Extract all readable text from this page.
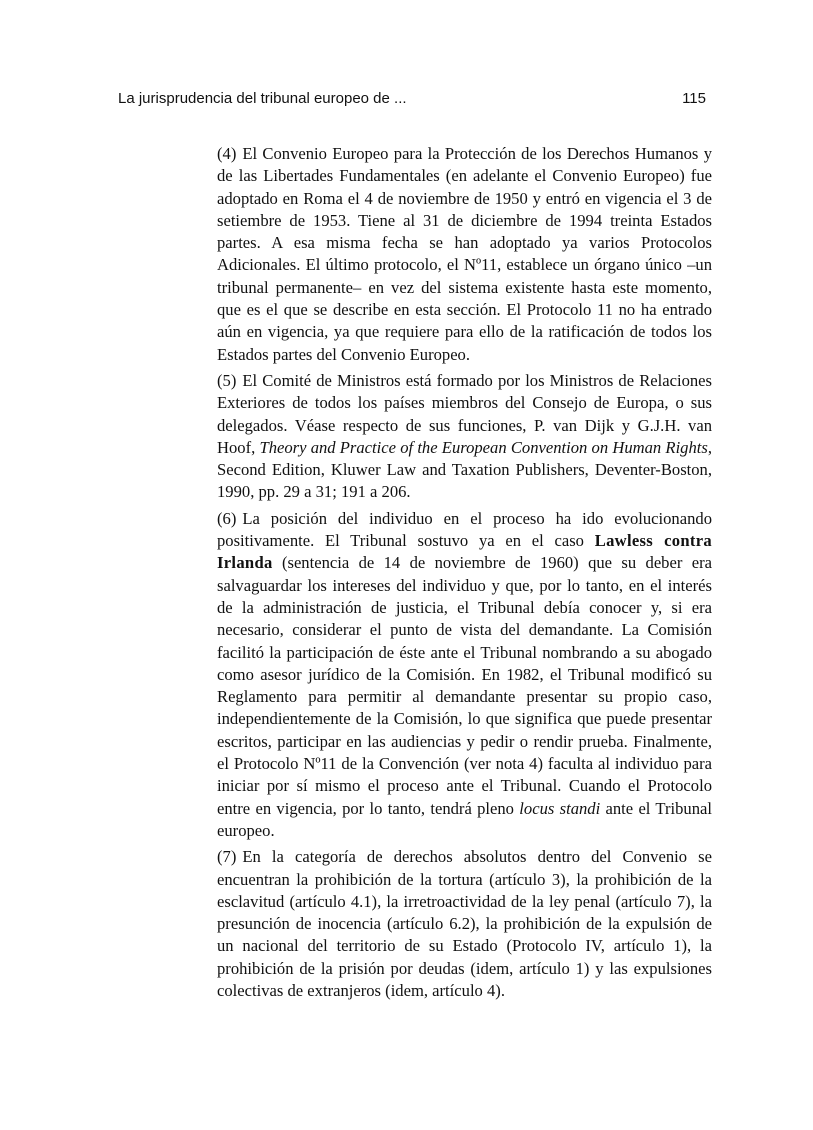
La jurisprudencia del tribunal europeo de ...	115

(4) El Convenio Europeo para la Protección de los Derechos Humanos y de las Libertades Fundamentales (en adelante el Convenio Europeo) fue adoptado en Roma el 4 de noviembre de 1950 y entró en vigencia el 3 de setiembre de 1953. Tiene al 31 de diciembre de 1994 treinta Estados partes. A esa misma fecha se han adoptado ya varios Protocolos Adicionales. El último protocolo, el Nº11, establece un órgano único –un tribunal permanente– en vez del sistema existente hasta este momento, que es el que se describe en esta sección. El Protocolo 11 no ha entrado aún en vigencia, ya que requiere para ello de la ratificación de todos los Estados partes del Convenio Europeo.

(5) El Comité de Ministros está formado por los Ministros de Relaciones Exteriores de todos los países miembros del Consejo de Europa, o sus delegados. Véase respecto de sus funciones, P. van Dijk y G.J.H. van Hoof, Theory and Practice of the European Convention on Human Rights, Second Edition, Kluwer Law and Taxation Publishers, Deventer-Boston, 1990, pp. 29 a 31; 191 a 206.

(6) La posición del individuo en el proceso ha ido evolucionando positivamente. El Tribunal sostuvo ya en el caso Lawless contra Irlanda (sentencia de 14 de noviembre de 1960) que su deber era salvaguardar los intereses del individuo y que, por lo tanto, en el interés de la administración de justicia, el Tribunal debía conocer y, si era necesario, considerar el punto de vista del demandante. La Comisión facilitó la participación de éste ante el Tribunal nombrando a su abogado como asesor jurídico de la Comisión. En 1982, el Tribunal modificó su Reglamento para permitir al demandante presentar su propio caso, independientemente de la Comisión, lo que significa que puede presentar escritos, participar en las audiencias y pedir o rendir prueba. Finalmente, el Protocolo Nº11 de la Convención (ver nota 4) faculta al individuo para iniciar por sí mismo el proceso ante el Tribunal. Cuando el Protocolo entre en vigencia, por lo tanto, tendrá pleno locus standi ante el Tribunal europeo.

(7) En la categoría de derechos absolutos dentro del Convenio se encuentran la prohibición de la tortura (artículo 3), la prohibición de la esclavitud (artículo 4.1), la irretroactividad de la ley penal (artículo 7), la presunción de inocencia (artículo 6.2), la prohibición de la expulsión de un nacional del territorio de su Estado (Protocolo IV, artículo 1), la prohibición de la prisión por deudas (idem, artículo 1) y las expulsiones colectivas de extranjeros (idem, artículo 4).
